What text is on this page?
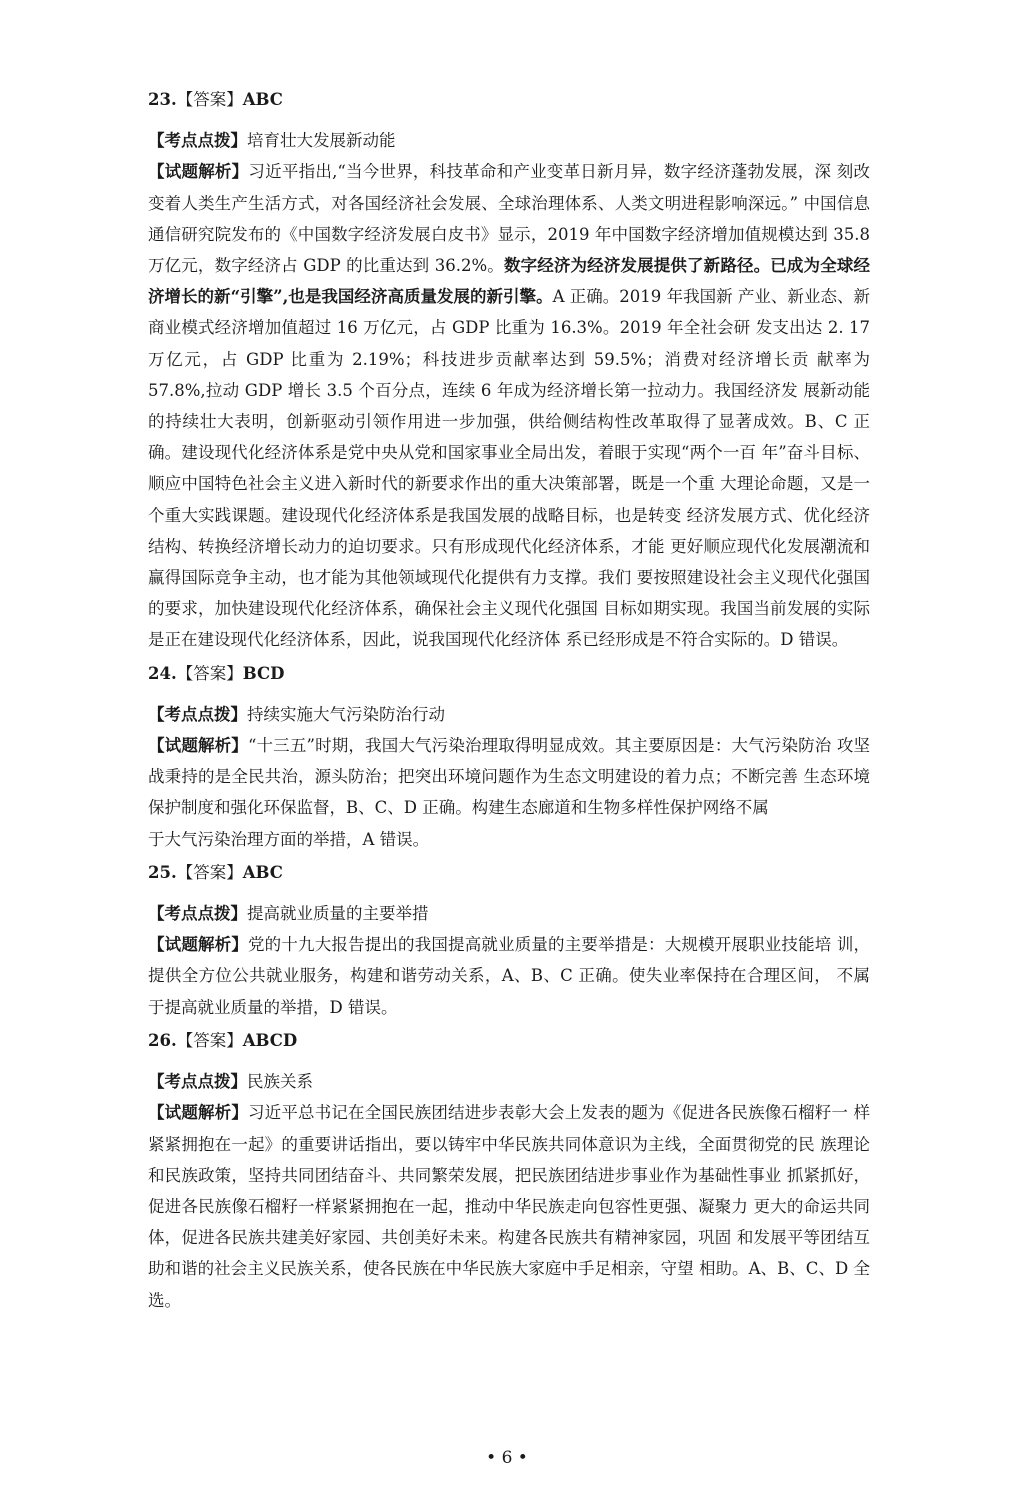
23.【答案】ABC

【考点点拨】培育壮大发展新动能

【试题解析】习近平指出,“当今世界，科技革命和产业变革日新月异，数字经济蓬勃发展，深 刻改变着人类生产生活方式，对各国经济社会发展、全球治理体系、人类文明进程影响深远。” 中国信息通信研究院发布的《中国数字经济发展白皮书》显示，2019 年中国数字经济增加值规模达到 35.8 万亿元，数字经济占 GDP 的比重达到 36.2%。数字经济为经济发展提供了新路径。已成为全球经济增长的新“引擎”,也是我国经济高质量发展的新引擎。A 正确。2019 年我国新 产业、新业态、新商业模式经济增加值超过 16 万亿元，占 GDP 比重为 16.3%。2019 年全社会研 发支出达 2. 17 万亿元，占 GDP 比重为 2.19%；科技进步贡献率达到 59.5%；消费对经济增长贡 献率为 57.8%,拉动 GDP 增长 3.5 个百分点，连续 6 年成为经济增长第一拉动力。我国经济发 展新动能的持续壮大表明，创新驱动引领作用进一步加强，供给侧结构性改革取得了显著成效。B、C 正确。建设现代化经济体系是党中央从党和国家事业全局出发，着眼于实现“两个一百 年”奋斗目标、顺应中国特色社会主义进入新时代的新要求作出的重大决策部署，既是一个重 大理论命题，又是一个重大实践课题。建设现代化经济体系是我国发展的战略目标，也是转变 经济发展方式、优化经济结构、转换经济增长动力的迫切要求。只有形成现代化经济体系，才能 更好顺应现代化发展潮流和赢得国际竞争主动，也才能为其他领域现代化提供有力支撑。我们 要按照建设社会主义现代化强国的要求，加快建设现代化经济体系，确保社会主义现代化强国 目标如期实现。我国当前发展的实际是正在建设现代化经济体系，因此，说我国现代化经济体 系已经形成是不符合实际的。D 错误。

24.【答案】BCD

【考点点拨】持续实施大气污染防治行动

【试题解析】“十三五”时期，我国大气污染治理取得明显成效。其主要原因是：大气污染防治 攻坚战秉持的是全民共治，源头防治；把突出环境问题作为生态文明建设的着力点；不断完善 生态环境保护制度和强化环保监督，B、C、D 正确。构建生态廊道和生物多样性保护网络不属

于大气污染治理方面的举措，A 错误。

25.【答案】ABC

【考点点拨】提高就业质量的主要举措

【试题解析】党的十九大报告提出的我国提高就业质量的主要举措是：大规模开展职业技能培 训，提供全方位公共就业服务，构建和谐劳动关系，A、B、C 正确。使失业率保持在合理区间， 不属于提高就业质量的举措，D 错误。

26.【答案】ABCD

【考点点拨】民族关系

【试题解析】习近平总书记在全国民族团结进步表彰大会上发表的题为《促进各民族像石榴籽一 样紧紧拥抱在一起》的重要讲话指出，要以铸牢中华民族共同体意识为主线，全面贯彻党的民 族理论和民族政策，坚持共同团结奋斗、共同繁荣发展，把民族团结进步事业作为基础性事业 抓紧抓好，促进各民族像石榴籽一样紧紧拥抱在一起，推动中华民族走向包容性更强、凝聚力 更大的命运共同体，促进各民族共建美好家园、共创美好未来。构建各民族共有精神家园，巩固 和发展平等团结互助和谐的社会主义民族关系，使各民族在中华民族大家庭中手足相亲，守望 相助。A、B、C、D 全选。

• 6 •
